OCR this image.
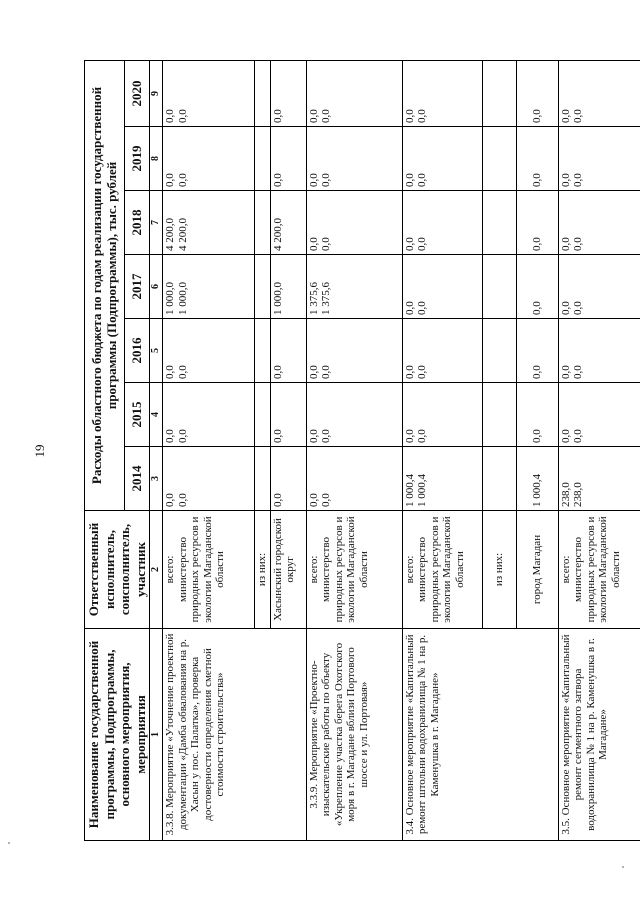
19
Наименование государственной программы, Подпрограммы, основного мероприятия, мероприятия	Ответственный исполнитель, соисполнитель, участник	Расходы областного бюджета по годам реализации государственной программы (Подпрограммы), тыс. рублей						
		2014	2015	2016	2017	2018	2019	2020
1	2	3	4	5	6	7	8	9
3.3.8. Мероприятие «Уточнение проектной документации «Дамба обвалования на р. Хасын у пос. Палатка», проверка достоверности определения сметной стоимости строительства»	всего: министерство природных ресурсов и экологии Магаданской области	0,0 0,0	0,0 0,0	0,0 0,0	1 000,0 1 000,0	4 200,0 4 200,0	0,0 0,0	0,0 0,0

	из них:							
	Хасынский городской округ	0,0	0,0	0,0	1 000,0	4 200,0	0,0	0,0
3.3.9. Мероприятие «Проектно-изыскательские работы по объекту «Укрепление участка берега Охотского моря в г. Магадане вблизи Портового шоссе и ул. Портовая»	всего: министерство природных ресурсов и экологии Магаданской области	0,0 0,0	0,0 0,0	0,0 0,0	1 375,6 1 375,6	0,0 0,0	0,0 0,0	0,0 0,0

3.4. Основное мероприятие «Капитальный ремонт штольни водохранилища № 1 на р. Каменушка в г. Магадане»	всего: министерство природных ресурсов и экологии Магаданской области	1 000,4 1 000,4	0,0 0,0	0,0 0,0	0,0 0,0	0,0 0,0	0,0 0,0	0,0 0,0

	из них:							
	город Магадан	1 000,4	0,0	0,0	0,0	0,0	0,0	0,0
3.5. Основное мероприятие «Капитальный ремонт сегментного затвора водохранилища № 1 на р. Каменушка в г. Магадане»	всего: министерство природных ресурсов и экологии Магаданской области	238,0 238,0	0,0 0,0	0,0 0,0	0,0 0,0	0,0 0,0	0,0 0,0	0,0 0,0
